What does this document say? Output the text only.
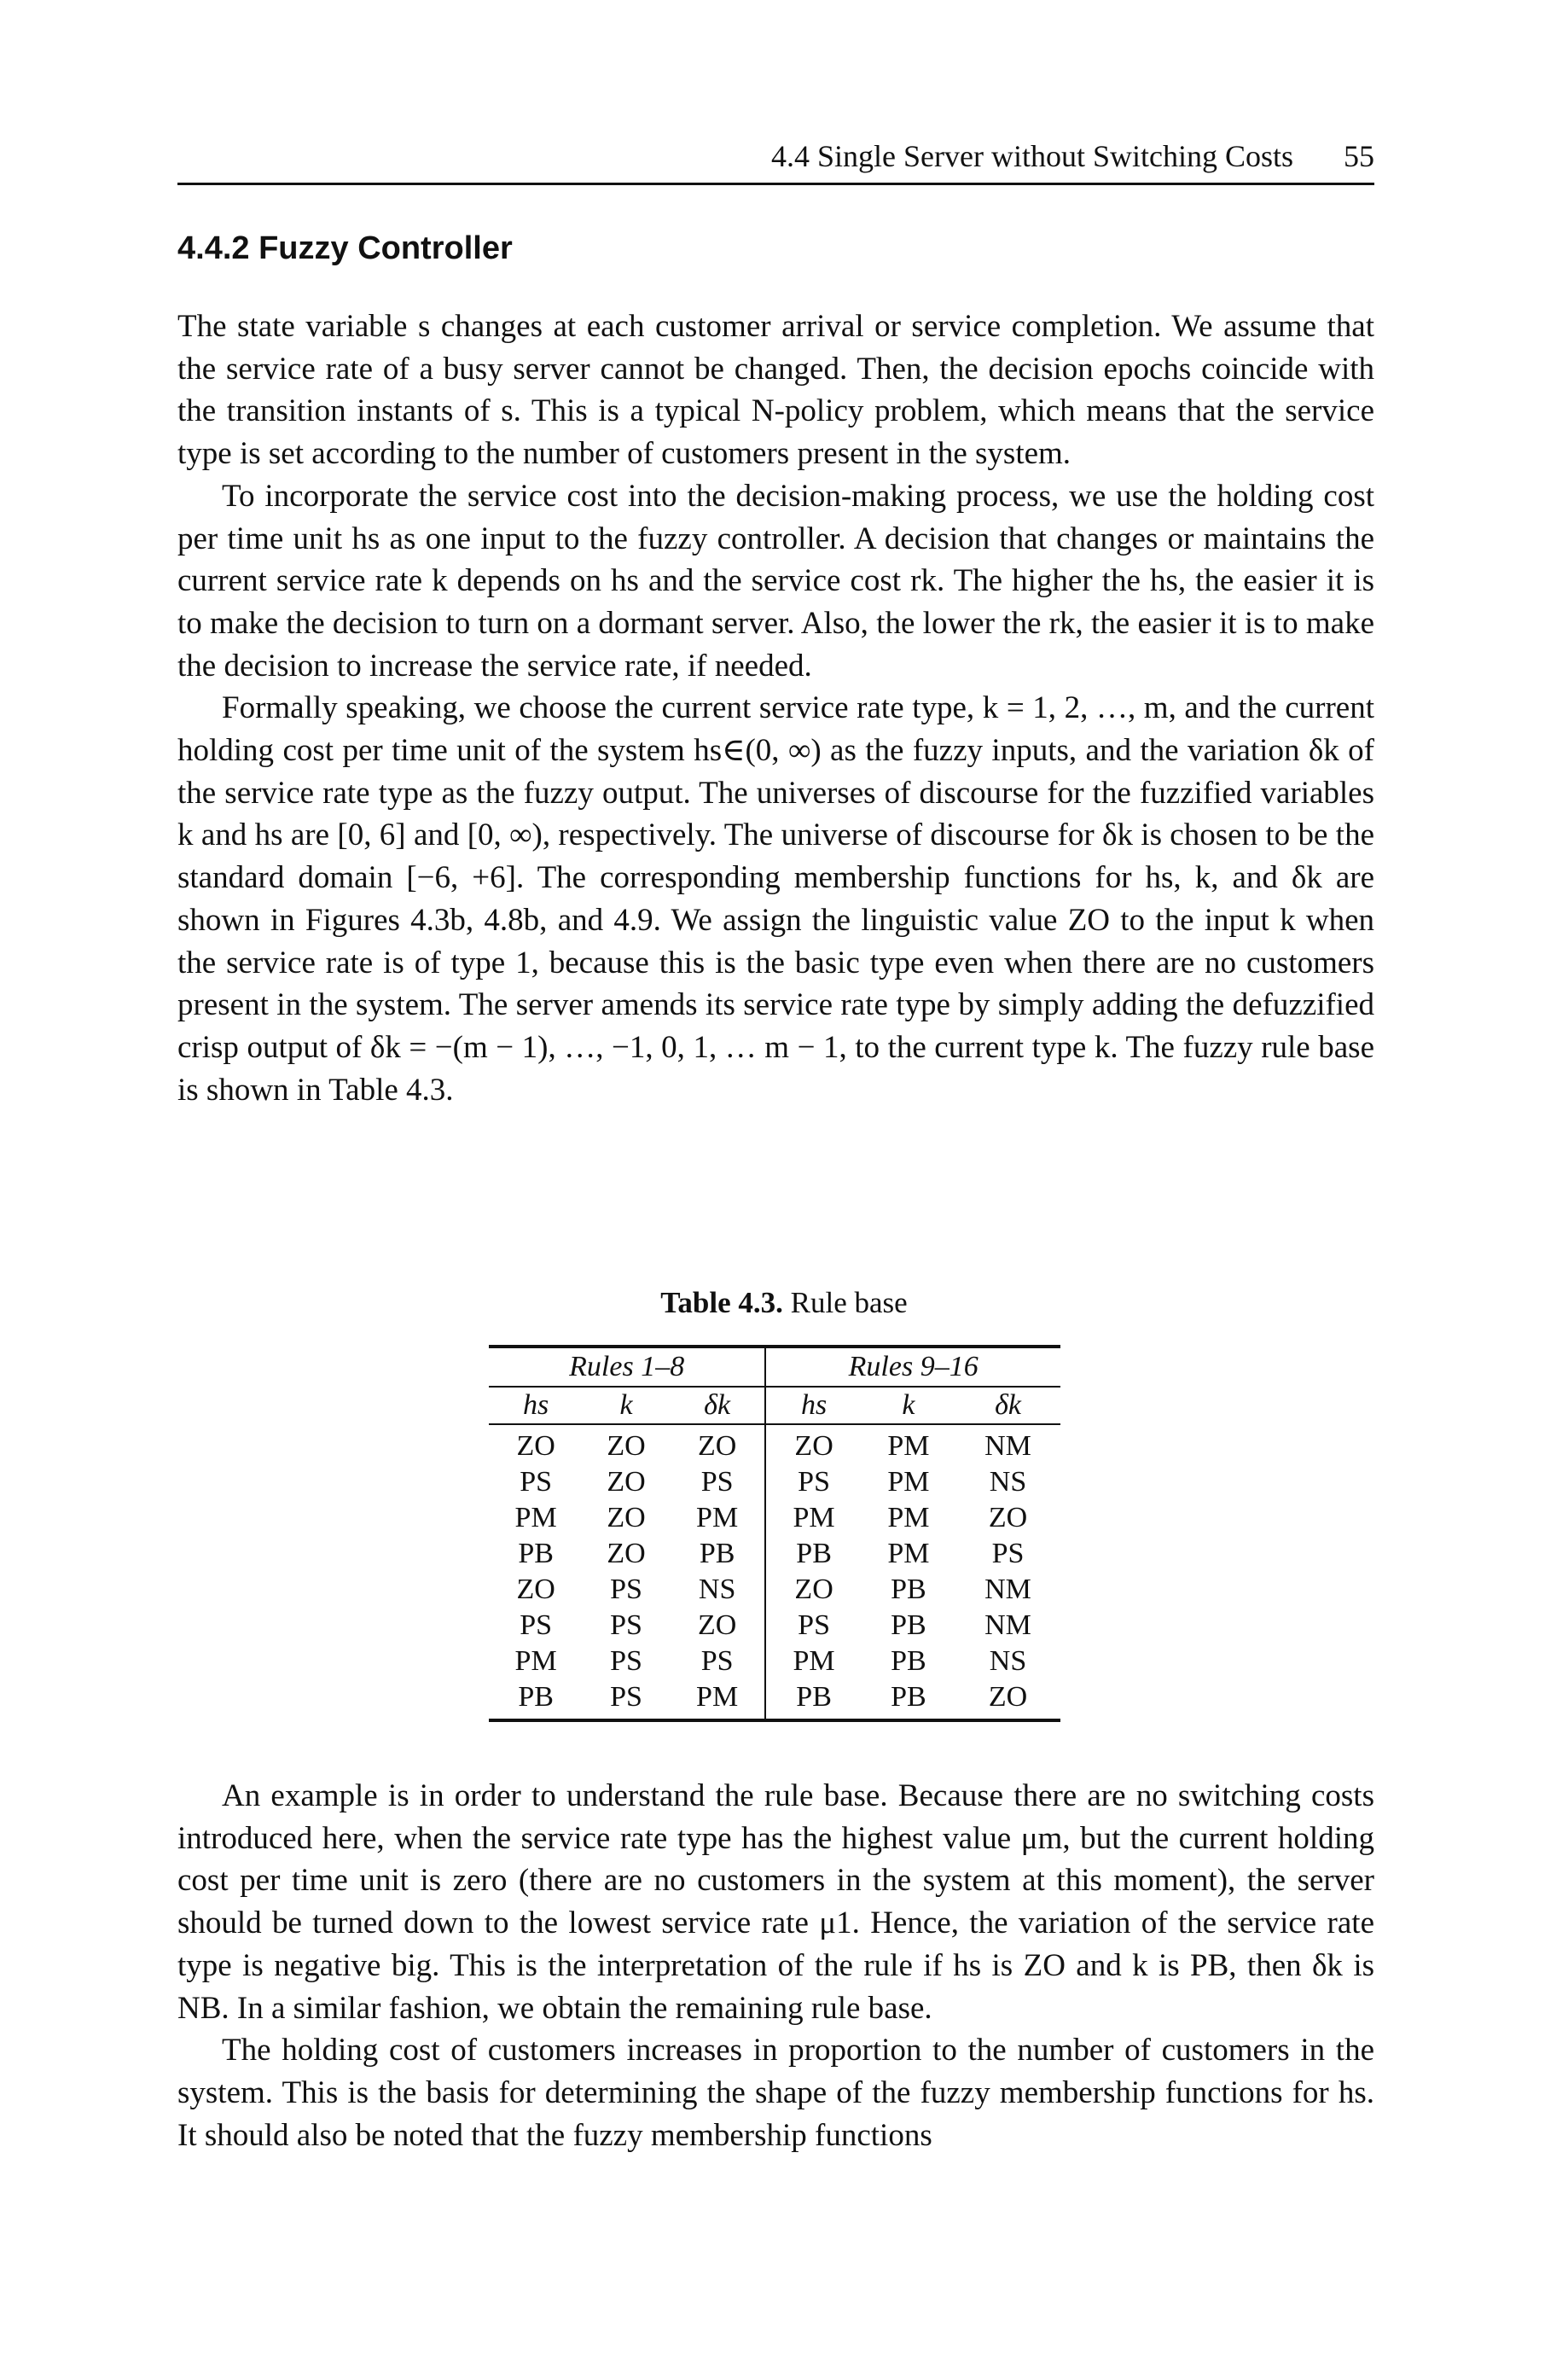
4.4 Single Server without Switching Costs 55
4.4.2 Fuzzy Controller

The state variable s changes at each customer arrival or service completion. We assume that the service rate of a busy server cannot be changed. Then, the decision epochs coincide with the transition instants of s. This is a typical N-policy problem, which means that the service type is set according to the number of customers present in the system.

To incorporate the service cost into the decision-making process, we use the holding cost per time unit hs as one input to the fuzzy controller. A decision that changes or maintains the current service rate k depends on hs and the service cost rk. The higher the hs, the easier it is to make the decision to turn on a dormant server. Also, the lower the rk, the easier it is to make the decision to increase the service rate, if needed.

Formally speaking, we choose the current service rate type, k = 1, 2, …, m, and the current holding cost per time unit of the system hs∈(0, ∞) as the fuzzy inputs, and the variation δk of the service rate type as the fuzzy output. The universes of discourse for the fuzzified variables k and hs are [0, 6] and [0, ∞), respectively. The universe of discourse for δk is chosen to be the standard domain [−6, +6]. The corresponding membership functions for hs, k, and δk are shown in Figures 4.3b, 4.8b, and 4.9. We assign the linguistic value ZO to the input k when the service rate is of type 1, because this is the basic type even when there are no customers present in the system. The server amends its service rate type by simply adding the defuzzified crisp output of δk = −(m − 1), …, −1, 0, 1, … m − 1, to the current type k. The fuzzy rule base is shown in Table 4.3.

Table 4.3. Rule base

Rules 1–8			Rules 9–16		
hs	k	δk	hs	k	δk
ZO	ZO	ZO	ZO	PM	NM
PS	ZO	PS	PS	PM	NS
PM	ZO	PM	PM	PM	ZO
PB	ZO	PB	PB	PM	PS
ZO	PS	NS	ZO	PB	NM
PS	PS	ZO	PS	PB	NM
PM	PS	PS	PM	PB	NS
PB	PS	PM	PB	PB	ZO

An example is in order to understand the rule base. Because there are no switching costs introduced here, when the service rate type has the highest value μm, but the current holding cost per time unit is zero (there are no customers in the system at this moment), the server should be turned down to the lowest service rate μ1. Hence, the variation of the service rate type is negative big. This is the interpretation of the rule if hs is ZO and k is PB, then δk is NB. In a similar fashion, we obtain the remaining rule base.

The holding cost of customers increases in proportion to the number of customers in the system. This is the basis for determining the shape of the fuzzy membership functions for hs. It should also be noted that the fuzzy membership functions
